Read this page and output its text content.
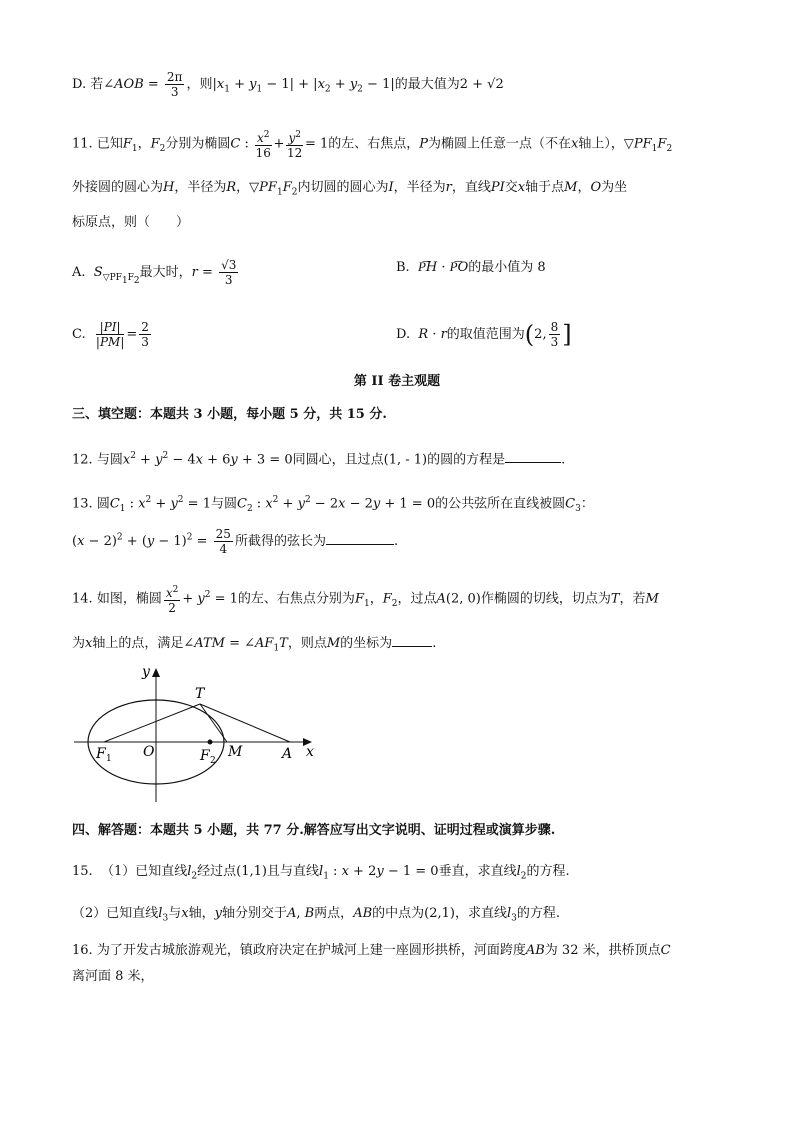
D. 若∠AOB = $\frac{2\pi}{3}$ ，则$|x_1 + y_1 - 1| + |x_2 + y_2 - 1|$的最大值为2 + √2
11. 已知$F_1$，$F_2$分别为椭圆C : $\frac{x^2}{16} + \frac{y^2}{12} = 1$的左、右焦点，P为椭圆上任意一点（不在x轴上），$▽PF_1F_2$
外接圆的圆心为H，半径为R，$▽PF_1F_2$内切圆的圆心为I，半径为r，直线PI交x轴于点M，O为坐
标原点，则（　　）
A. $S_{▽PF_1F_2}$最大时，$r = \frac{√3}{3}$	B. P͞H · P͞O的最小值为 8
C. $\frac{|PI|}{|PM|} = \frac{2}{3}$	D. R · r的取值范围为(2, $\frac{8}{3}$ ]
第 II 卷主观题
三、填空题：本题共 3 小题，每小题 5 分，共 15 分.
12. 与圆$x^2 + y^2 - 4x + 6y + 3 = 0$同圆心，且过点(1, - 1)的圆的方程是	.
13. 圆$C_1$ : $x^2 + y^2 = 1$与圆$C_2$ : $x^2 + y^2 - 2x - 2y + 1 = 0$的公共弦所在直线被圆$C_3$：
$(x - 2)^2 + (y - 1)^2 = \frac{25}{4}$ 所截得的弦长为	.
14. 如图，椭圆 $\frac{x^2}{2} + y^2 = 1$的左、右焦点分别为$F_1$，$F_2$，过点A(2, 0)作椭圆的切线，切点为T，若M
为x轴上的点，满足∠ATM = $\angle AF_1T$，则点M的坐标为	.
y
x
T
F 1 O	F 2
M	A
四、解答题：本题共 5 小题，共 77 分.解答应写出文字说明、证明过程或演算步骤.
15. （1）已知直线$l_2$经过点(1,1)且与直线$l_1$ : x + 2y − 1 = 0垂直，求直线$l_2$的方程.
（2）已知直线$l_3$与x轴，y轴分别交于A, B两点，AB的中点为(2,1)，求直线$l_3$的方程.
16. 为了开发古城旅游观光，镇政府决定在护城河上建一座圆形拱桥，河面跨度AB为 32 米，拱桥顶点C
离河面 8 米，
